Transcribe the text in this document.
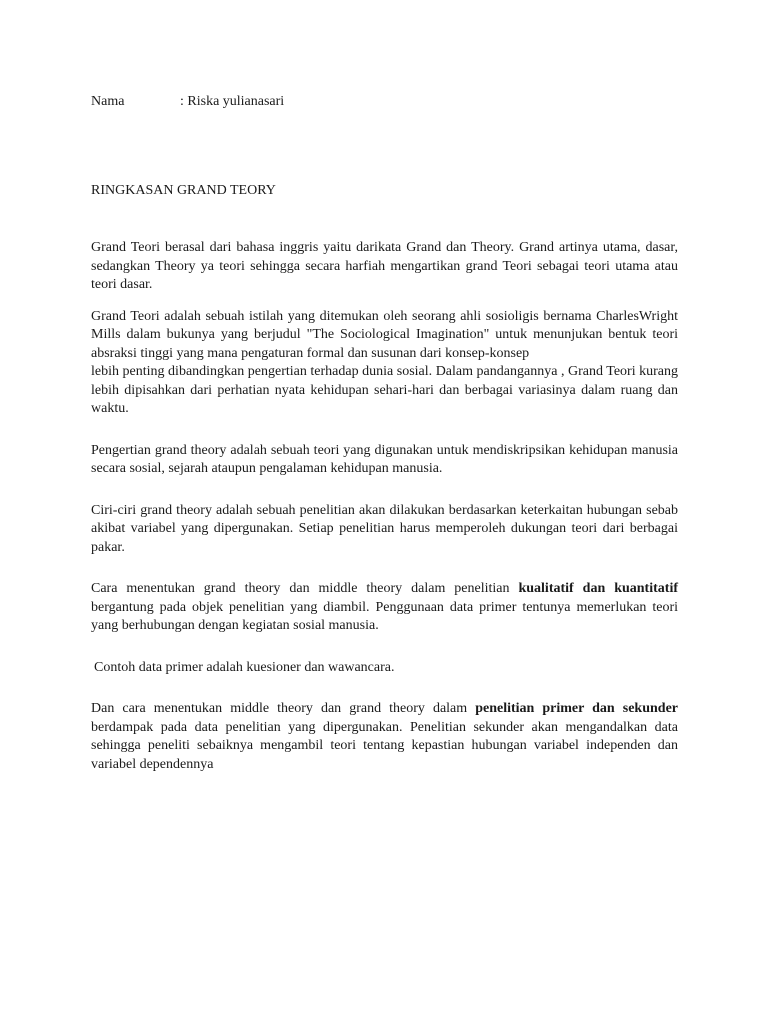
Nama	: Riska yulianasari
RINGKASAN GRAND TEORY

Grand Teori berasal dari bahasa inggris yaitu darikata Grand dan Theory. Grand artinya utama, dasar, sedangkan Theory ya teori sehingga secara harfiah mengartikan grand Teori sebagai teori utama atau teori dasar.

Grand Teori adalah sebuah istilah yang ditemukan oleh seorang ahli sosioligis bernama CharlesWright Mills dalam bukunya yang berjudul "The Sociological Imagination" untuk menunjukan bentuk teori absraksi tinggi yang mana pengaturan formal dan susunan dari konsep-konsep

lebih penting dibandingkan pengertian terhadap dunia sosial. Dalam pandangannya , Grand Teori kurang lebih dipisahkan dari perhatian nyata kehidupan sehari-hari dan berbagai variasinya dalam ruang dan waktu.

Pengertian grand theory adalah sebuah teori yang digunakan untuk mendiskripsikan kehidupan manusia secara sosial, sejarah ataupun pengalaman kehidupan manusia.

Ciri-ciri grand theory adalah sebuah penelitian akan dilakukan berdasarkan keterkaitan hubungan sebab akibat variabel yang dipergunakan. Setiap penelitian harus memperoleh dukungan teori dari berbagai pakar.

Cara menentukan grand theory dan middle theory dalam penelitian kualitatif dan kuantitatif bergantung pada objek penelitian yang diambil. Penggunaan data primer tentunya memerlukan teori yang berhubungan dengan kegiatan sosial manusia.

Contoh data primer adalah kuesioner dan wawancara.

Dan cara menentukan middle theory dan grand theory dalam penelitian primer dan sekunder berdampak pada data penelitian yang dipergunakan. Penelitian sekunder akan mengandalkan data sehingga peneliti sebaiknya mengambil teori tentang kepastian hubungan variabel independen dan variabel dependennya
